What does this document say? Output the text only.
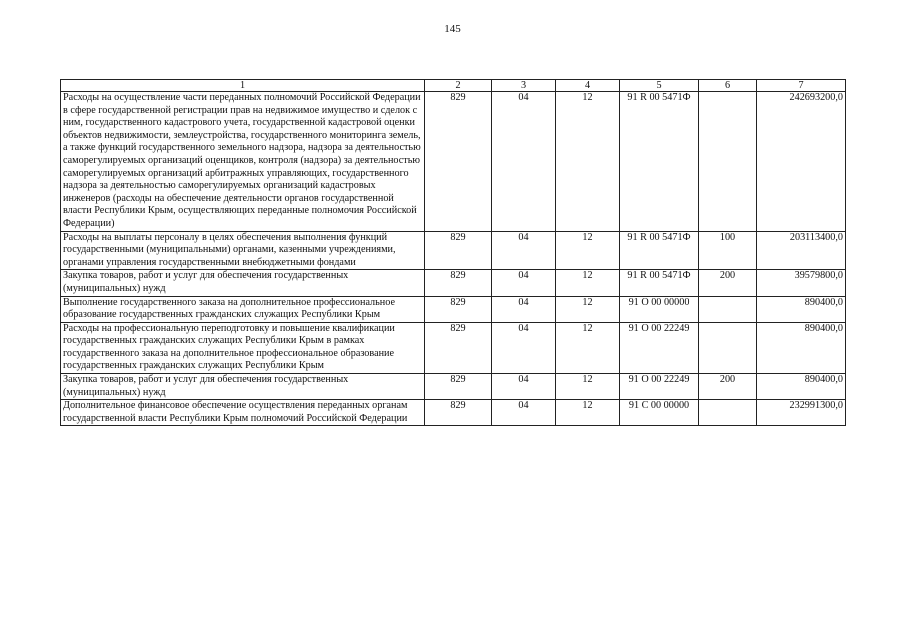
145
1	2	3	4	5	6	7
Расходы на осуществление части переданных полномочий Российской Федерации в сфере государственной регистрации прав на недвижимое имущество и сделок с ним, государственного кадастрового учета, государственной кадастровой оценки объектов недвижимости, землеустройства, государственного мониторинга земель, а также функций государственного земельного надзора, надзора за деятельностью саморегулируемых организаций оценщиков, контроля (надзора) за деятельностью саморегулируемых организаций арбитражных управляющих, государственного надзора за деятельностью саморегулируемых организаций кадастровых инженеров (расходы на обеспечение деятельности органов государственной власти Республики Крым, осуществляющих переданные полномочия Российской Федерации)	829	04	12	91 R 00 5471Ф		242693200,0
Расходы на выплаты персоналу в целях обеспечения выполнения функций государственными (муниципальными) органами, казенными учреждениями, органами управления государственными внебюджетными фондами	829	04	12	91 R 00 5471Ф	100	203113400,0
Закупка товаров, работ и услуг для обеспечения государственных (муниципальных) нужд	829	04	12	91 R 00 5471Ф	200	39579800,0
Выполнение государственного заказа на дополнительное профессиональное образование государственных гражданских служащих Республики Крым	829	04	12	91 О 00 00000		890400,0
Расходы на профессиональную переподготовку и повышение квалификации государственных гражданских служащих Республики Крым в рамках государственного заказа на дополнительное профессиональное образование государственных гражданских служащих Республики Крым	829	04	12	91 О 00 22249		890400,0
Закупка товаров, работ и услуг для обеспечения государственных (муниципальных) нужд	829	04	12	91 О 00 22249	200	890400,0
Дополнительное финансовое обеспечение осуществления переданных органам государственной власти Республики Крым полномочий Российской Федерации	829	04	12	91 С 00 00000		232991300,0
